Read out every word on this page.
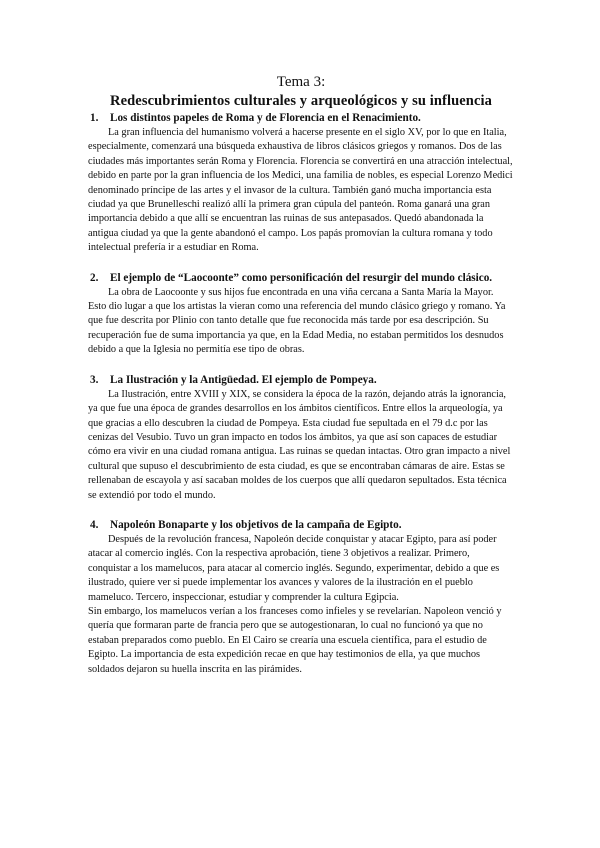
Tema 3:
Redescubrimientos culturales y arqueológicos y su influencia
1.	Los distintos papeles de Roma y de Florencia en el Renacimiento.

La gran influencia del humanismo volverá a hacerse presente en el siglo XV, por lo que en Italia, especialmente, comenzará una búsqueda exhaustiva de libros clásicos griegos y romanos. Dos de las ciudades más importantes serán Roma y Florencia. Florencia se convertirá en una atracción intelectual, debido en parte por la gran influencia de los Medici, una familia de nobles, es especial Lorenzo Medici denominado príncipe de las artes y el invasor de la cultura. También ganó mucha importancia esta ciudad ya que Brunelleschi realizó allí la primera gran cúpula del panteón. Roma ganará una gran importancia debido a que allí se encuentran las ruinas de sus antepasados. Quedó abandonada la antigua ciudad ya que la gente abandonó el campo. Los papás promovían la cultura romana y todo intelectual prefería ir a estudiar en Roma.

2.	El ejemplo de “Laocoonte” como personificación del resurgir del mundo clásico.

La obra de Laocoonte y sus hijos fue encontrada en una viña cercana a Santa María la Mayor. Esto dio lugar a que los artistas la vieran como una referencia del mundo clásico griego y romano. Ya que fue descrita por Plinio con tanto detalle que fue reconocida más tarde por esa descripción. Su recuperación fue de suma importancia ya que, en la Edad Media, no estaban permitidos los desnudos debido a que la Iglesia no permitía ese tipo de obras.

3.	La Ilustración y la Antigüedad. El ejemplo de Pompeya.

La Ilustración, entre XVIII y XIX, se considera la época de la razón, dejando atrás la ignorancia, ya que fue una época de grandes desarrollos en los ámbitos científicos. Entre ellos la arqueología, ya que gracias a ello descubren la ciudad de Pompeya. Esta ciudad fue sepultada en el 79 d.c por las cenizas del Vesubio. Tuvo un gran impacto en todos los ámbitos, ya que así son capaces de estudiar cómo era vivir en una ciudad romana antigua. Las ruinas se quedan intactas. Otro gran impacto a nivel cultural que supuso el descubrimiento de esta ciudad, es que se encontraban cámaras de aire. Estas se rellenaban de escayola y así sacaban moldes de los cuerpos que allí quedaron sepultados. Esta técnica se extendió por todo el mundo.

4.	Napoleón Bonaparte y los objetivos de la campaña de Egipto.

Después de la revolución francesa, Napoleón decide conquistar y atacar Egipto, para así poder atacar al comercio inglés. Con la respectiva aprobación, tiene 3 objetivos a realizar. Primero, conquistar a los mamelucos, para atacar al comercio inglés. Segundo, experimentar, debido a que es ilustrado, quiere ver si puede implementar los avances y valores de la ilustración en el pueblo mameluco. Tercero, inspeccionar, estudiar y comprender la cultura Egipcia.

Sin embargo, los mamelucos verían a los franceses como infieles y se revelarían. Napoleon venció y quería que formaran parte de francia pero que se autogestionaran, lo cual no funcionó ya que no estaban preparados como pueblo. En El Cairo se crearía una escuela científica, para el estudio de Egipto. La importancia de esta expedición recae en que hay testimonios de ella, ya que muchos soldados dejaron su huella inscrita en las pirámides.
